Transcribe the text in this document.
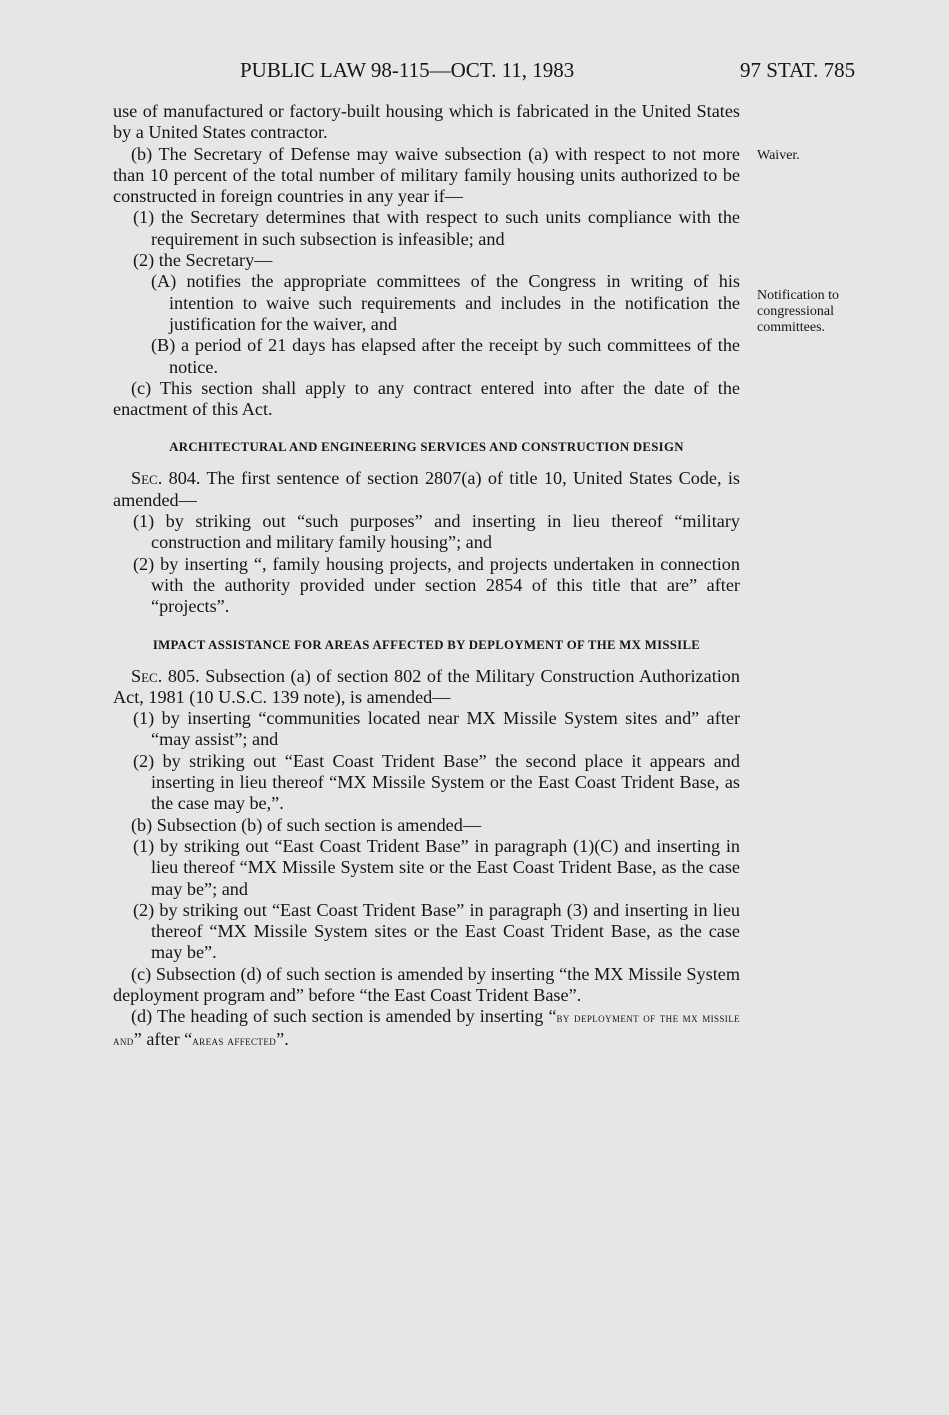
PUBLIC LAW 98-115—OCT. 11, 1983	97 STAT. 785
Waiver.
Notification to congressional committees.

use of manufactured or factory-built housing which is fabricated in the United States by a United States contractor.

(b) The Secretary of Defense may waive subsection (a) with respect to not more than 10 percent of the total number of military family housing units authorized to be constructed in foreign countries in any year if—

(1) the Secretary determines that with respect to such units compliance with the requirement in such subsection is infeasible; and

(2) the Secretary—

(A) notifies the appropriate committees of the Congress in writing of his intention to waive such requirements and includes in the notification the justification for the waiver, and

(B) a period of 21 days has elapsed after the receipt by such committees of the notice.

(c) This section shall apply to any contract entered into after the date of the enactment of this Act.

ARCHITECTURAL AND ENGINEERING SERVICES AND CONSTRUCTION DESIGN

Sec. 804. The first sentence of section 2807(a) of title 10, United States Code, is amended—

(1) by striking out “such purposes” and inserting in lieu thereof “military construction and military family housing”; and

(2) by inserting “, family housing projects, and projects undertaken in connection with the authority provided under section 2854 of this title that are” after “projects”.

IMPACT ASSISTANCE FOR AREAS AFFECTED BY DEPLOYMENT OF THE MX MISSILE

Sec. 805. Subsection (a) of section 802 of the Military Construction Authorization Act, 1981 (10 U.S.C. 139 note), is amended—

(1) by inserting “communities located near MX Missile System sites and” after “may assist”; and

(2) by striking out “East Coast Trident Base” the second place it appears and inserting in lieu thereof “MX Missile System or the East Coast Trident Base, as the case may be,”.

(b) Subsection (b) of such section is amended—

(1) by striking out “East Coast Trident Base” in paragraph (1)(C) and inserting in lieu thereof “MX Missile System site or the East Coast Trident Base, as the case may be”; and

(2) by striking out “East Coast Trident Base” in paragraph (3) and inserting in lieu thereof “MX Missile System sites or the East Coast Trident Base, as the case may be”.

(c) Subsection (d) of such section is amended by inserting “the MX Missile System deployment program and” before “the East Coast Trident Base”.

(d) The heading of such section is amended by inserting “by deployment of the mx missile and” after “areas affected”.
